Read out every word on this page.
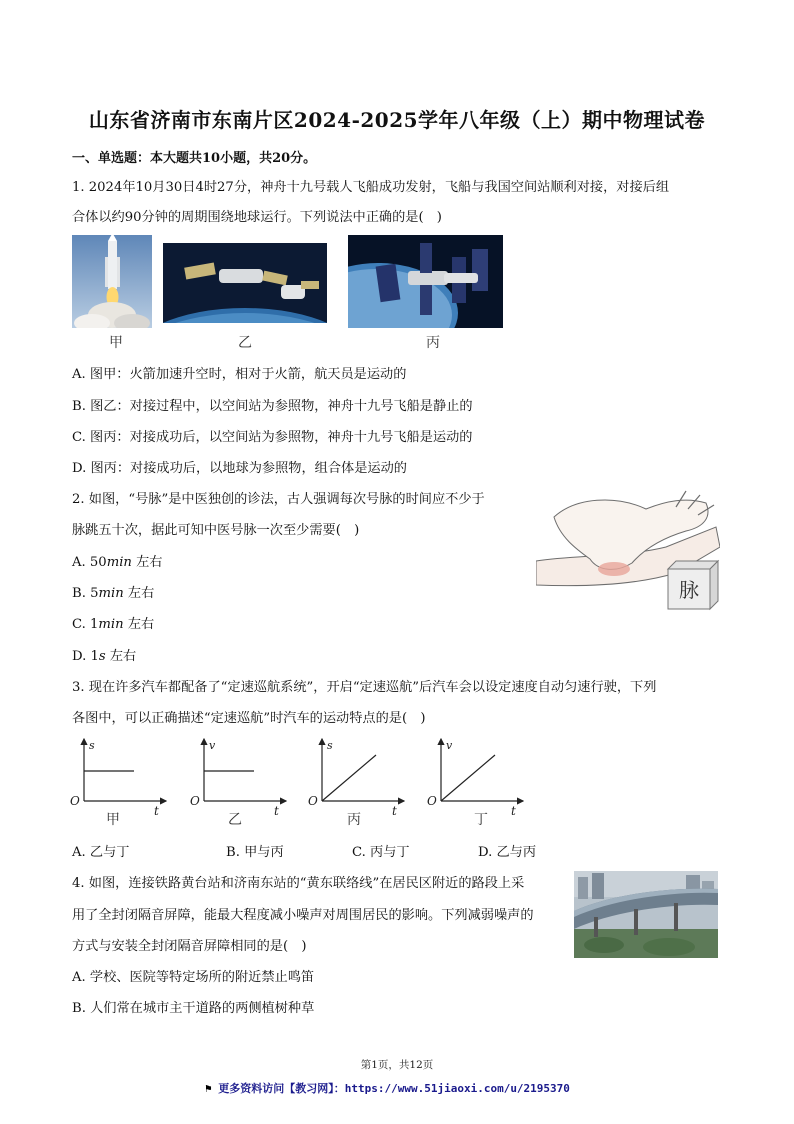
山东省济南市东南片区2024-2025学年八年级（上）期中物理试卷
一、单选题：本大题共10小题，共20分。
1. 2024年10月30日4时27分，神舟十九号载人飞船成功发射，飞船与我国空间站顺利对接，对接后组
合体以约90分钟的周期围绕地球运行。下列说法中正确的是(　)
甲	乙	丙
A. 图甲：火箭加速升空时，相对于火箭，航天员是运动的
B. 图乙：对接过程中，以空间站为参照物，神舟十九号飞船是静止的
C. 图丙：对接成功后，以空间站为参照物，神舟十九号飞船是运动的
D. 图丙：对接成功后，以地球为参照物，组合体是运动的
2. 如图，“号脉”是中医独创的诊法，古人强调每次号脉的时间应不少于
脉跳五十次，据此可知中医号脉一次至少需要(　)
脉
A. 50min 左右
B. 5min 左右
C. 1min 左右
D. 1s 左右
3. 现在许多汽车都配备了“定速巡航系统”，开启“定速巡航”后汽车会以设定速度自动匀速行驶，下列
各图中，可以正确描述“定速巡航”时汽车的运动特点的是(　)
s
O
t
甲
v
O
t
乙
s
O
t
丙
v
O
t
丁
A. 乙与丁	B. 甲与丙	C. 丙与丁	D. 乙与丙
4. 如图，连接铁路黄台站和济南东站的“黄东联络线”在居民区附近的路段上采
用了全封闭隔音屏障，能最大程度减小噪声对周围居民的影响。下列减弱噪声的
方式与安装全封闭隔音屏障相同的是(　)
A. 学校、医院等特定场所的附近禁止鸣笛
B. 人们常在城市主干道路的两侧植树种草
第1页，共12页
⚑ 更多资料访问【教习网】：https://www.51jiaoxi.com/u/2195370
